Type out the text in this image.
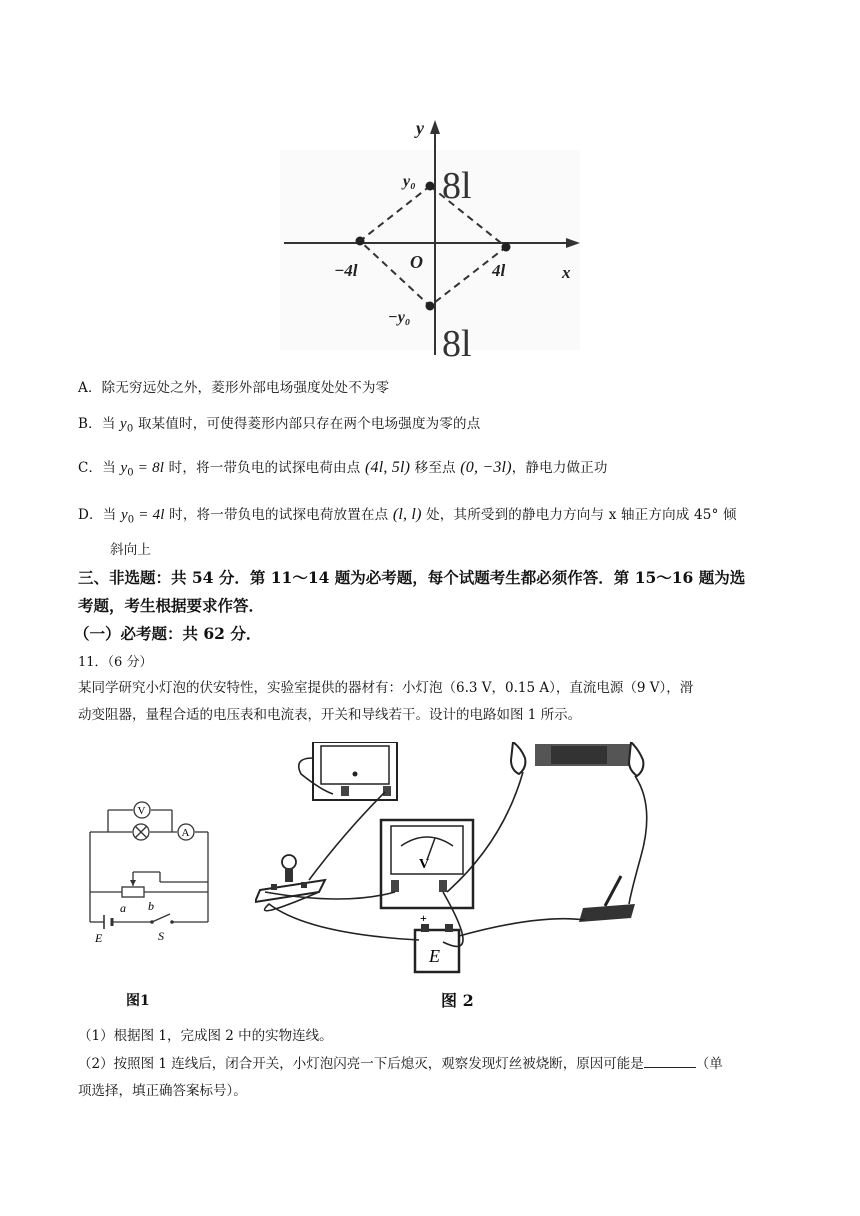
y
x
O
y₀
−y₀
−4l	4l
8l
8l
A．除无穷远处之外，菱形外部电场强度处处不为零
B．当 $y_0$ 取某值时，可使得菱形内部只存在两个电场强度为零的点
C．当 $y_0 = 8l$ 时，将一带负电的试探电荷由点 (4l, 5l) 移至点 (0, −3l)，静电力做正功
D．当 $y_0 = 4l$ 时，将一带负电的试探电荷放置在点 (l, l) 处，其所受到的静电力方向与 x 轴正方向成 45° 倾
斜向上
三、非选题：共 54 分．第 11～14 题为必考题，每个试题考生都必须作答．第 15～16 题为选
考题，考生根据要求作答．
（一）必考题：共 62 分．
11．（6 分）
某同学研究小灯泡的伏安特性，实验室提供的器材有：小灯泡（6.3 V，0.15 A），直流电源（9 V），滑
动变阻器，量程合适的电压表和电流表，开关和导线若干。设计的电路如图 1 所示。
V
A
a b
E	S
图1
V
+
E
图 2
（1）根据图 1，完成图 2 中的实物连线。
（2）按照图 1 连线后，闭合开关，小灯泡闪亮一下后熄灭，观察发现灯丝被烧断，原因可能是	（单
项选择，填正确答案标号）。
